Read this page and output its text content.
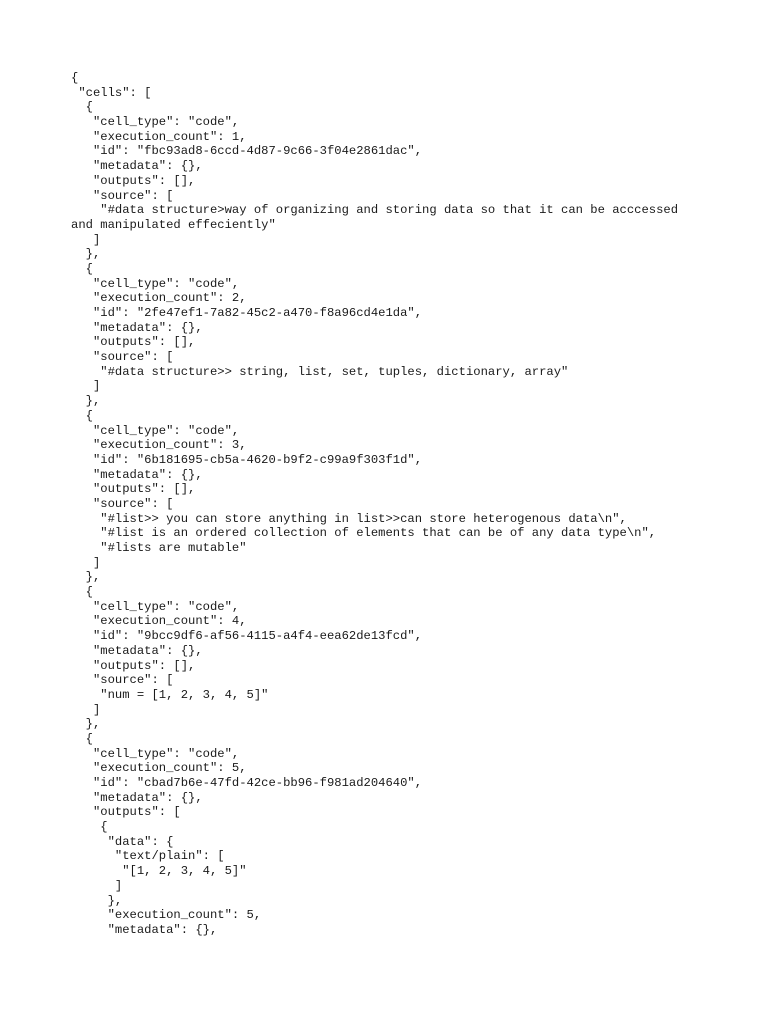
{
"cells": [
{
"cell_type": "code",
"execution_count": 1,
"id": "fbc93ad8-6ccd-4d87-9c66-3f04e2861dac",
"metadata": {},
"outputs": [],
"source": [
"#data structure>way of organizing and storing data so that it can be acccessed
and manipulated effeciently"
]
},
{
"cell_type": "code",
"execution_count": 2,
"id": "2fe47ef1-7a82-45c2-a470-f8a96cd4e1da",
"metadata": {},
"outputs": [],
"source": [
"#data structure>> string, list, set, tuples, dictionary, array"
]
},
{
"cell_type": "code",
"execution_count": 3,
"id": "6b181695-cb5a-4620-b9f2-c99a9f303f1d",
"metadata": {},
"outputs": [],
"source": [
"#list>> you can store anything in list>>can store heterogenous data\n",
"#list is an ordered collection of elements that can be of any data type\n",
"#lists are mutable"
]
},
{
"cell_type": "code",
"execution_count": 4,
"id": "9bcc9df6-af56-4115-a4f4-eea62de13fcd",
"metadata": {},
"outputs": [],
"source": [
"num = [1, 2, 3, 4, 5]"
]
},
{
"cell_type": "code",
"execution_count": 5,
"id": "cbad7b6e-47fd-42ce-bb96-f981ad204640",
"metadata": {},
"outputs": [
{
"data": {
"text/plain": [
"[1, 2, 3, 4, 5]"
]
},
"execution_count": 5,
"metadata": {},
